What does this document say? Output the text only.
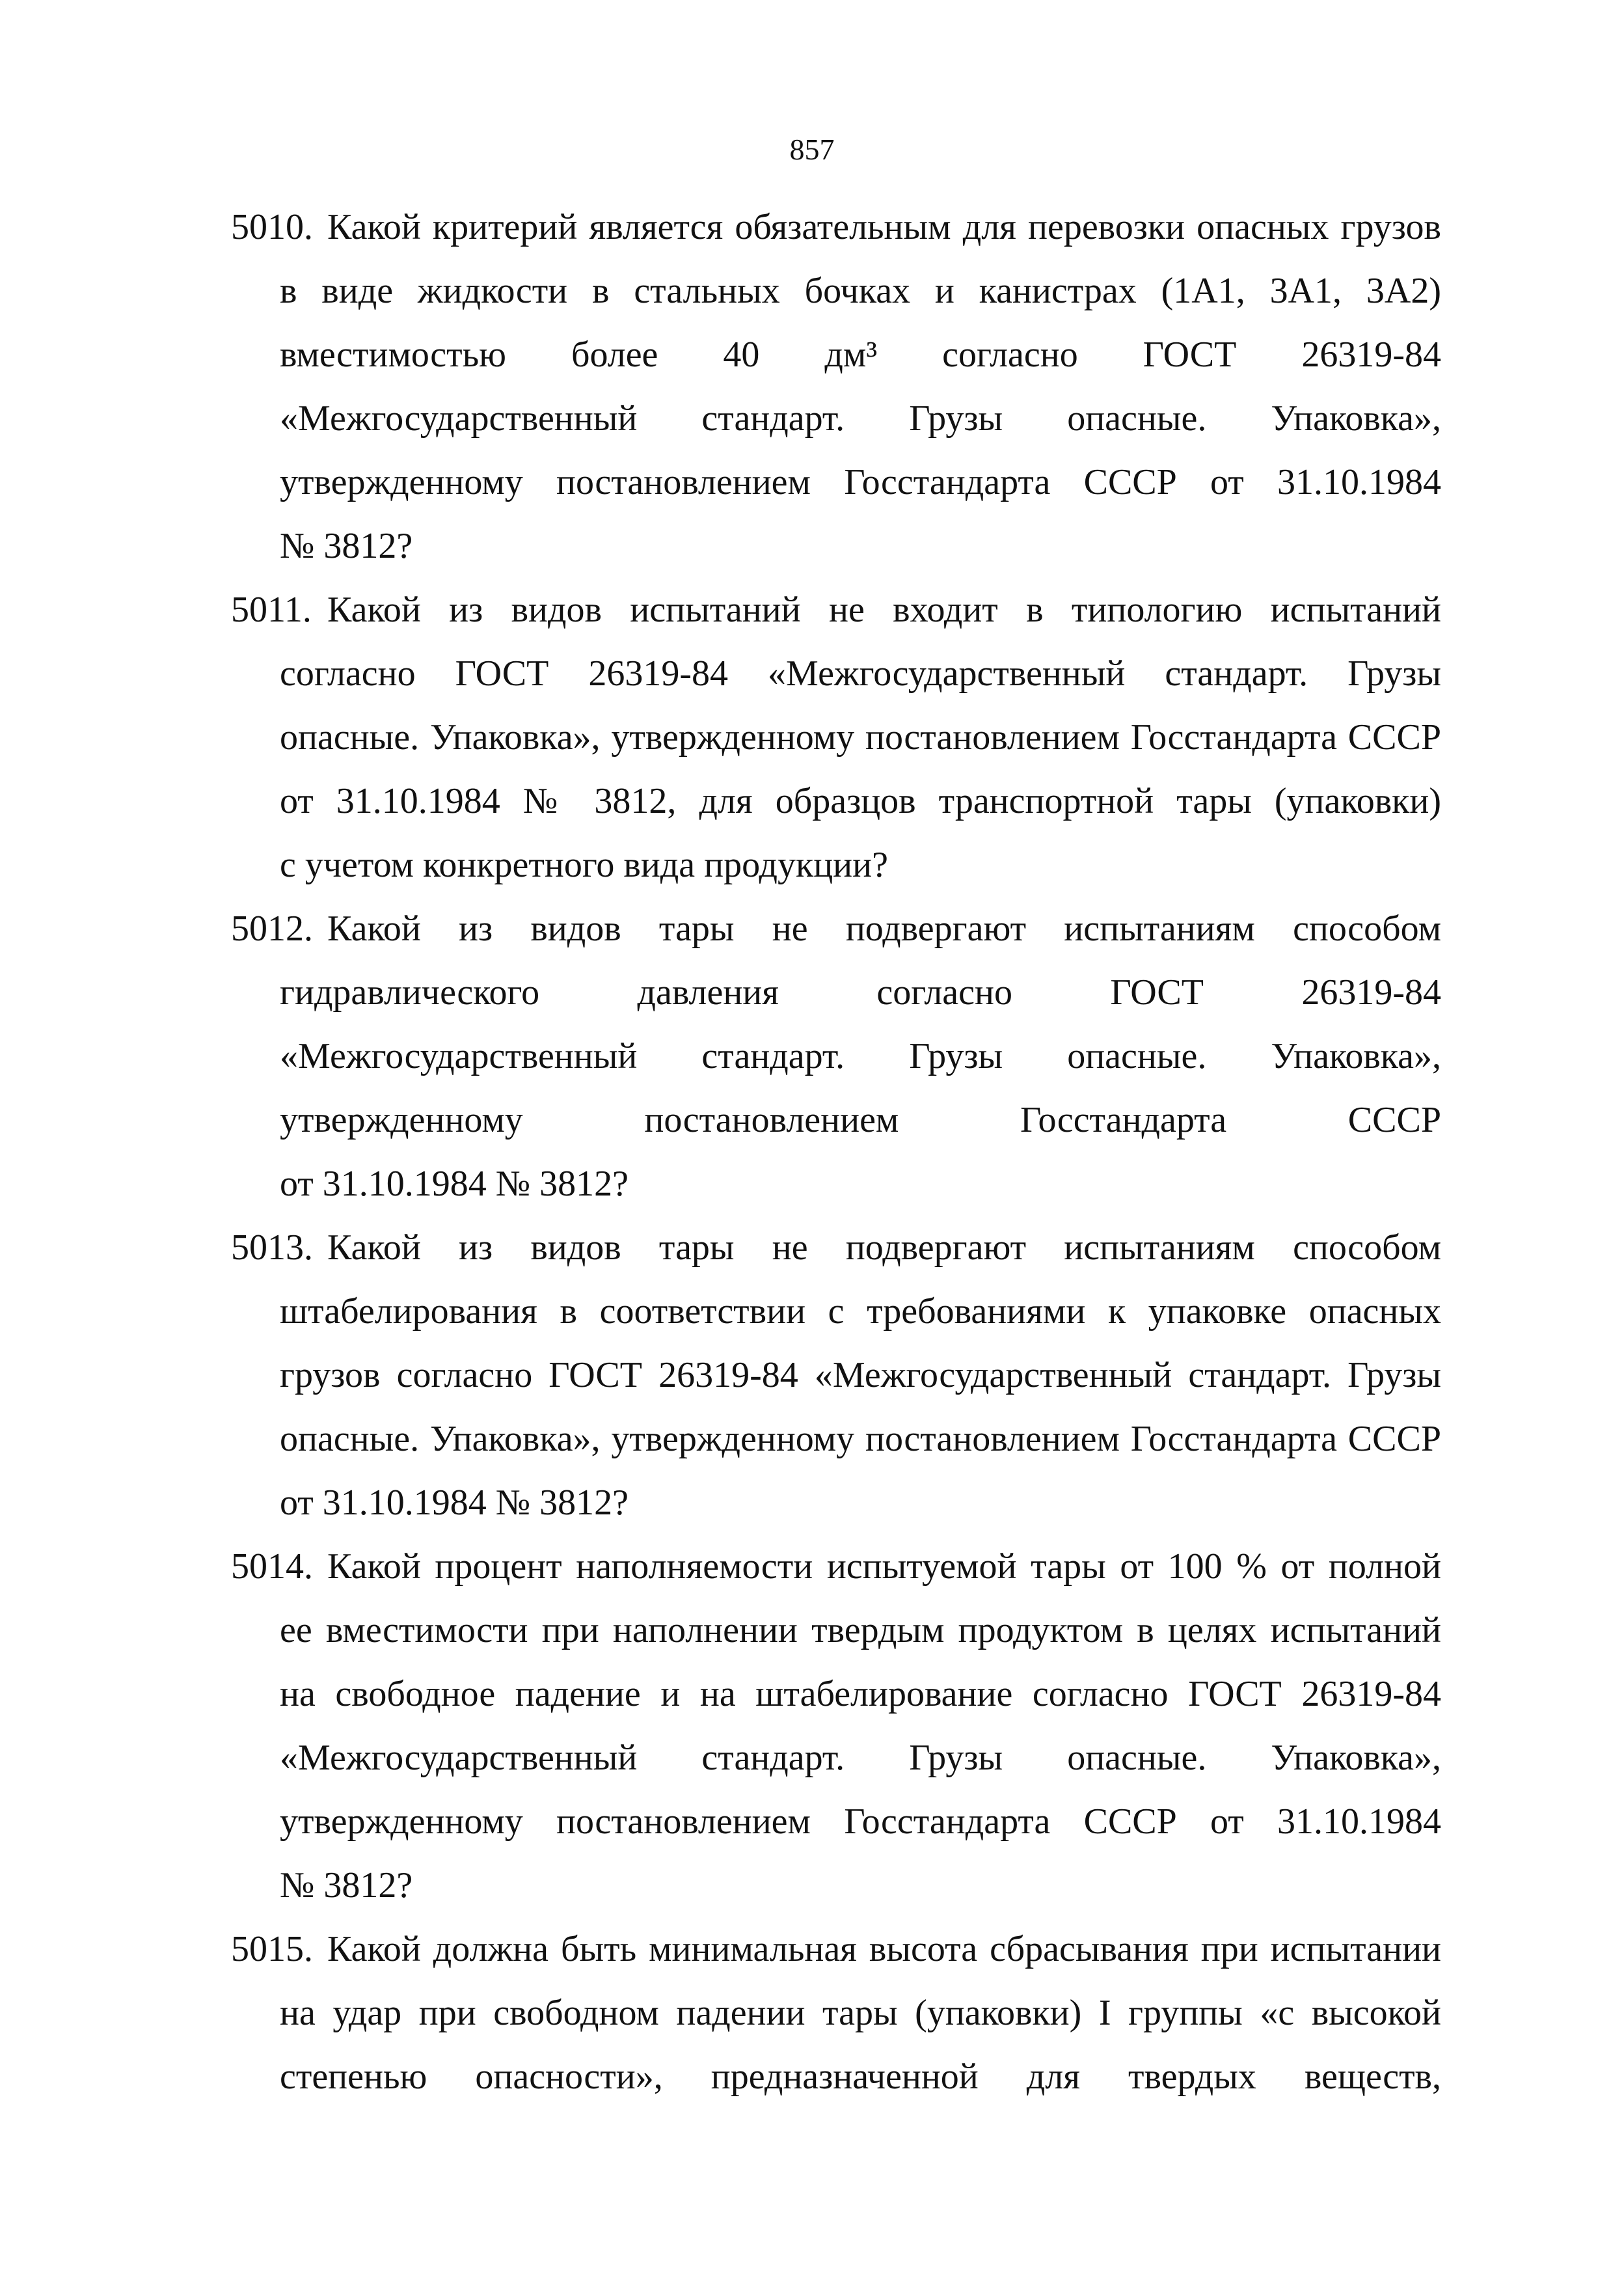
857
5010. Какой критерий является обязательным для перевозки опасных грузов
в виде жидкости в стальных бочках и канистрах (1А1, 3А1, 3А2)
вместимостью более 40 дм³ согласно ГОСТ 26319-84
«Межгосударственный стандарт. Грузы опасные. Упаковка»,
утвержденному постановлением Госстандарта СССР от 31.10.1984
№ 3812?
5011. Какой из видов испытаний не входит в типологию испытаний
согласно ГОСТ 26319-84 «Межгосударственный стандарт. Грузы
опасные. Упаковка», утвержденному постановлением Госстандарта СССР
от 31.10.1984 № 3812, для образцов транспортной тары (упаковки)
с учетом конкретного вида продукции?
5012. Какой из видов тары не подвергают испытаниям способом
гидравлического давления согласно ГОСТ 26319-84
«Межгосударственный стандарт. Грузы опасные. Упаковка»,
утвержденному постановлением Госстандарта СССР
от 31.10.1984 № 3812?
5013. Какой из видов тары не подвергают испытаниям способом
штабелирования в соответствии с требованиями к упаковке опасных
грузов согласно ГОСТ 26319-84 «Межгосударственный стандарт. Грузы
опасные. Упаковка», утвержденному постановлением Госстандарта СССР
от 31.10.1984 № 3812?
5014. Какой процент наполняемости испытуемой тары от 100 % от полной
ее вместимости при наполнении твердым продуктом в целях испытаний
на свободное падение и на штабелирование согласно ГОСТ 26319-84
«Межгосударственный стандарт. Грузы опасные. Упаковка»,
утвержденному постановлением Госстандарта СССР от 31.10.1984
№ 3812?
5015. Какой должна быть минимальная высота сбрасывания при испытании
на удар при свободном падении тары (упаковки) I группы «с высокой
степенью опасности», предназначенной для твердых веществ,
